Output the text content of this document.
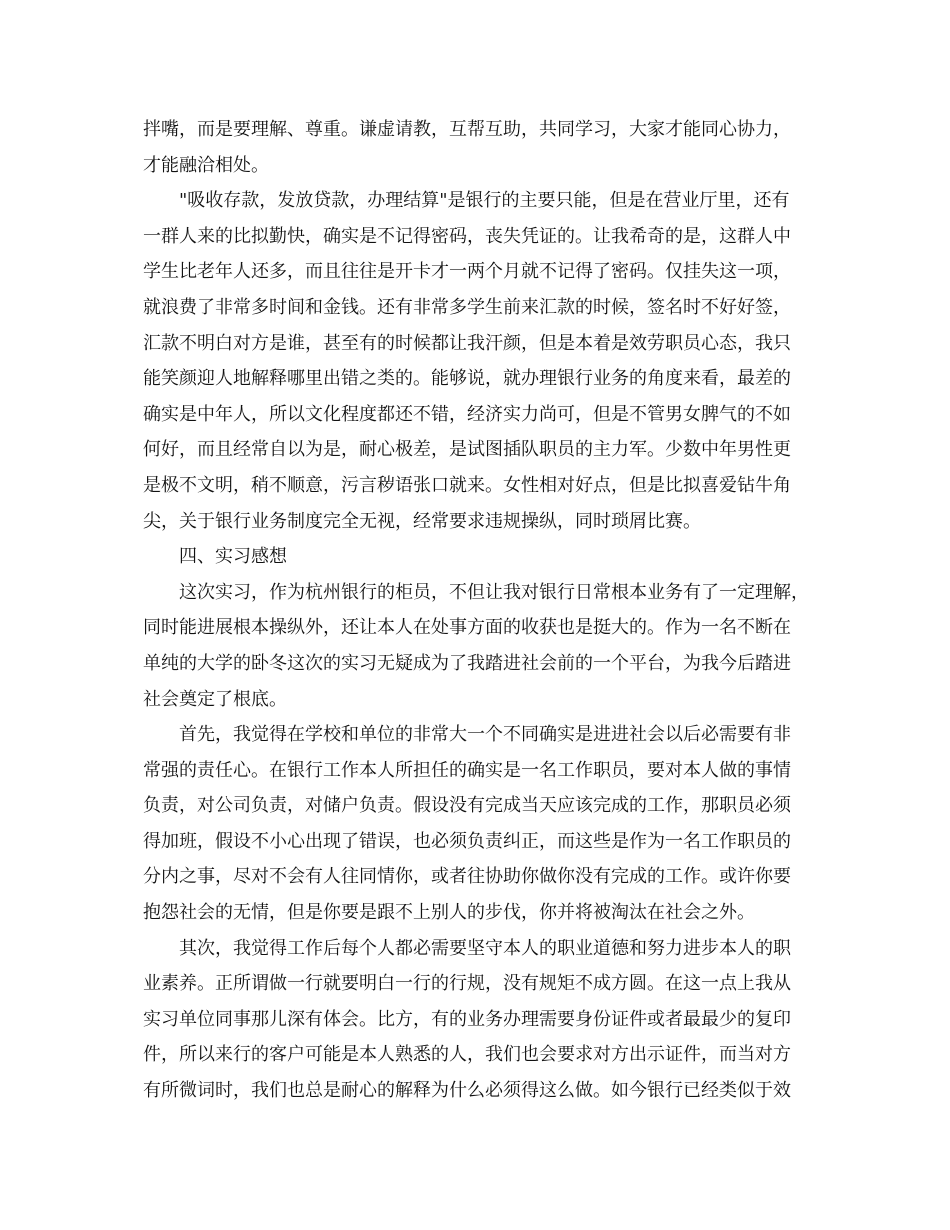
拌嘴，而是要理解、尊重。谦虚请教，互帮互助，共同学习，大家才能同心协力，
才能融洽相处。
"吸收存款，发放贷款，办理结算"是银行的主要只能，但是在营业厅里，还有
一群人来的比拟勤快，确实是不记得密码，丧失凭证的。让我希奇的是，这群人中
学生比老年人还多，而且往往是开卡才一两个月就不记得了密码。仅挂失这一项，
就浪费了非常多时间和金钱。还有非常多学生前来汇款的时候，签名时不好好签，
汇款不明白对方是谁，甚至有的时候都让我汗颜，但是本着是效劳职员心态，我只
能笑颜迎人地解释哪里出错之类的。能够说，就办理银行业务的角度来看，最差的
确实是中年人，所以文化程度都还不错，经济实力尚可，但是不管男女脾气的不如
何好，而且经常自以为是，耐心极差，是试图插队职员的主力军。少数中年男性更
是极不文明，稍不顺意，污言秽语张口就来。女性相对好点，但是比拟喜爱钻牛角
尖，关于银行业务制度完全无视，经常要求违规操纵，同时琐屑比赛。
四、实习感想
这次实习，作为杭州银行的柜员，不但让我对银行日常根本业务有了一定理解，
同时能进展根本操纵外，还让本人在处事方面的收获也是挺大的。作为一名不断在
单纯的大学的卧冬这次的实习无疑成为了我踏进社会前的一个平台，为我今后踏进
社会奠定了根底。
首先，我觉得在学校和单位的非常大一个不同确实是进进社会以后必需要有非
常强的责任心。在银行工作本人所担任的确实是一名工作职员，要对本人做的事情
负责，对公司负责，对储户负责。假设没有完成当天应该完成的工作，那职员必须
得加班，假设不小心出现了错误，也必须负责纠正，而这些是作为一名工作职员的
分内之事，尽对不会有人往同情你，或者往协助你做你没有完成的工作。或许你要
抱怨社会的无情，但是你要是跟不上别人的步伐，你并将被淘汰在社会之外。
其次，我觉得工作后每个人都必需要坚守本人的职业道德和努力进步本人的职
业素养。正所谓做一行就要明白一行的行规，没有规矩不成方圆。在这一点上我从
实习单位同事那儿深有体会。比方，有的业务办理需要身份证件或者最最少的复印
件，所以来行的客户可能是本人熟悉的人，我们也会要求对方出示证件，而当对方
有所微词时，我们也总是耐心的解释为什么必须得这么做。如今银行已经类似于效
